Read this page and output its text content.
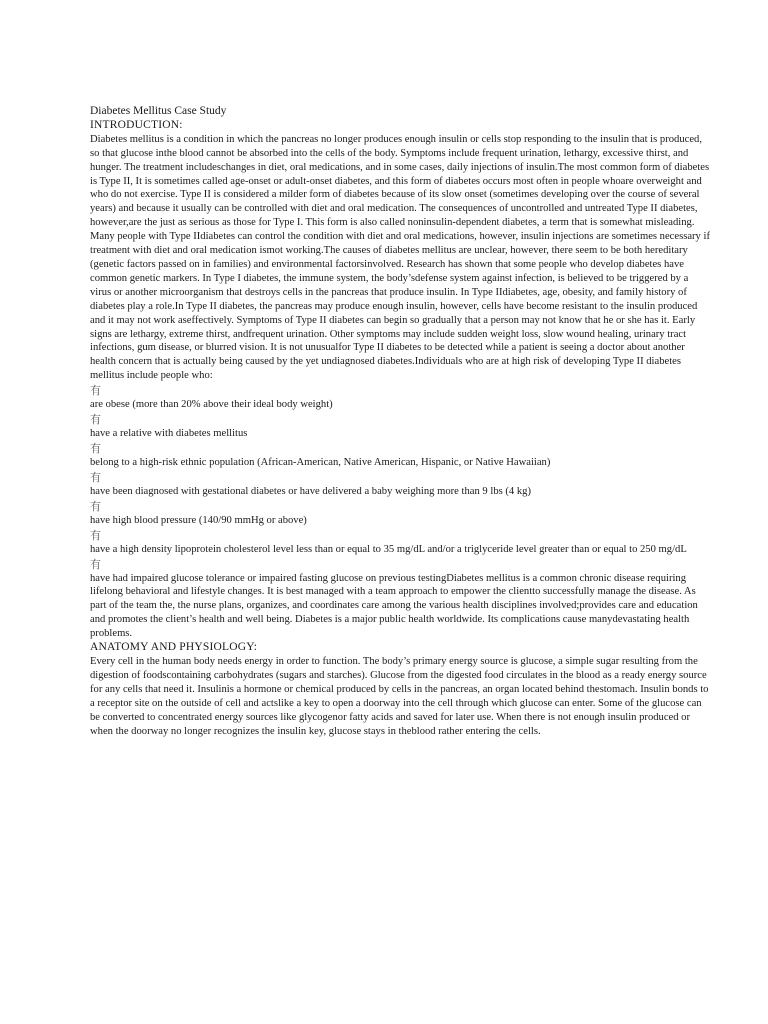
Diabetes Mellitus Case Study
INTRODUCTION:

Diabetes mellitus is a condition in which the pancreas no longer produces enough insulin or cells stop responding to the insulin that is produced, so that glucose inthe blood cannot be absorbed into the cells of the body. Symptoms include frequent urination, lethargy, excessive thirst, and hunger. The treatment includeschanges in diet, oral medications, and in some cases, daily injections of insulin.The most common form of diabetes is Type II, It is sometimes called age-onset or adult-onset diabetes, and this form of diabetes occurs most often in people whoare overweight and who do not exercise. Type II is considered a milder form of diabetes because of its slow onset (sometimes developing over the course of several years) and because it usually can be controlled with diet and oral medication. The consequences of uncontrolled and untreated Type II diabetes, however,are the just as serious as those for Type I. This form is also called noninsulin-dependent diabetes, a term that is somewhat misleading. Many people with Type IIdiabetes can control the condition with diet and oral medications, however, insulin injections are sometimes necessary if treatment with diet and oral medication ismot working.The causes of diabetes mellitus are unclear, however, there seem to be both hereditary (genetic factors passed on in families) and environmental factorsinvolved. Research has shown that some people who develop diabetes have common genetic markers. In Type I diabetes, the immune system, the body’sdefense system against infection, is believed to be triggered by a virus or another microorganism that destroys cells in the pancreas that produce insulin. In Type IIdiabetes, age, obesity, and family history of diabetes play a role.In Type II diabetes, the pancreas may produce enough insulin, however, cells have become resistant to the insulin produced and it may not work aseffectively. Symptoms of Type II diabetes can begin so gradually that a person may not know that he or she has it. Early signs are lethargy, extreme thirst, andfrequent urination. Other symptoms may include sudden weight loss, slow wound healing, urinary tract infections, gum disease, or blurred vision. It is not unusualfor Type II diabetes to be detected while a patient is seeing a doctor about another health concern that is actually being caused by the yet undiagnosed diabetes.Individuals who are at high risk of developing Type II diabetes mellitus include people who:

有

are obese (more than 20% above their ideal body weight)

有

have a relative with diabetes mellitus

有

belong to a high-risk ethnic population (African-American, Native American, Hispanic, or Native Hawaiian)

有

have been diagnosed with gestational diabetes or have delivered a baby weighing more than 9 lbs (4 kg)

有

have high blood pressure (140/90 mmHg or above)

有

have a high density lipoprotein cholesterol level less than or equal to 35 mg/dL and/or a triglyceride level greater than or equal to 250 mg/dL

有

have had impaired glucose tolerance or impaired fasting glucose on previous testingDiabetes mellitus is a common chronic disease requiring lifelong behavioral and lifestyle changes. It is best managed with a team approach to empower the clientto successfully manage the disease. As part of the team the, the nurse plans, organizes, and coordinates care among the various health disciplines involved;provides care and education and promotes the client’s health and well being. Diabetes is a major public health worldwide. Its complications cause manydevastating health problems.

ANATOMY AND PHYSIOLOGY:

Every cell in the human body needs energy in order to function. The body’s primary energy source is glucose, a simple sugar resulting from the digestion of foodscontaining carbohydrates (sugars and starches). Glucose from the digested food circulates in the blood as a ready energy source for any cells that need it. Insulinis a hormone or chemical produced by cells in the pancreas, an organ located behind thestomach. Insulin bonds to a receptor site on the outside of cell and actslike a key to open a doorway into the cell through which glucose can enter. Some of the glucose can be converted to concentrated energy sources like glycogenor fatty acids and saved for later use. When there is not enough insulin produced or when the doorway no longer recognizes the insulin key, glucose stays in theblood rather entering the cells.
